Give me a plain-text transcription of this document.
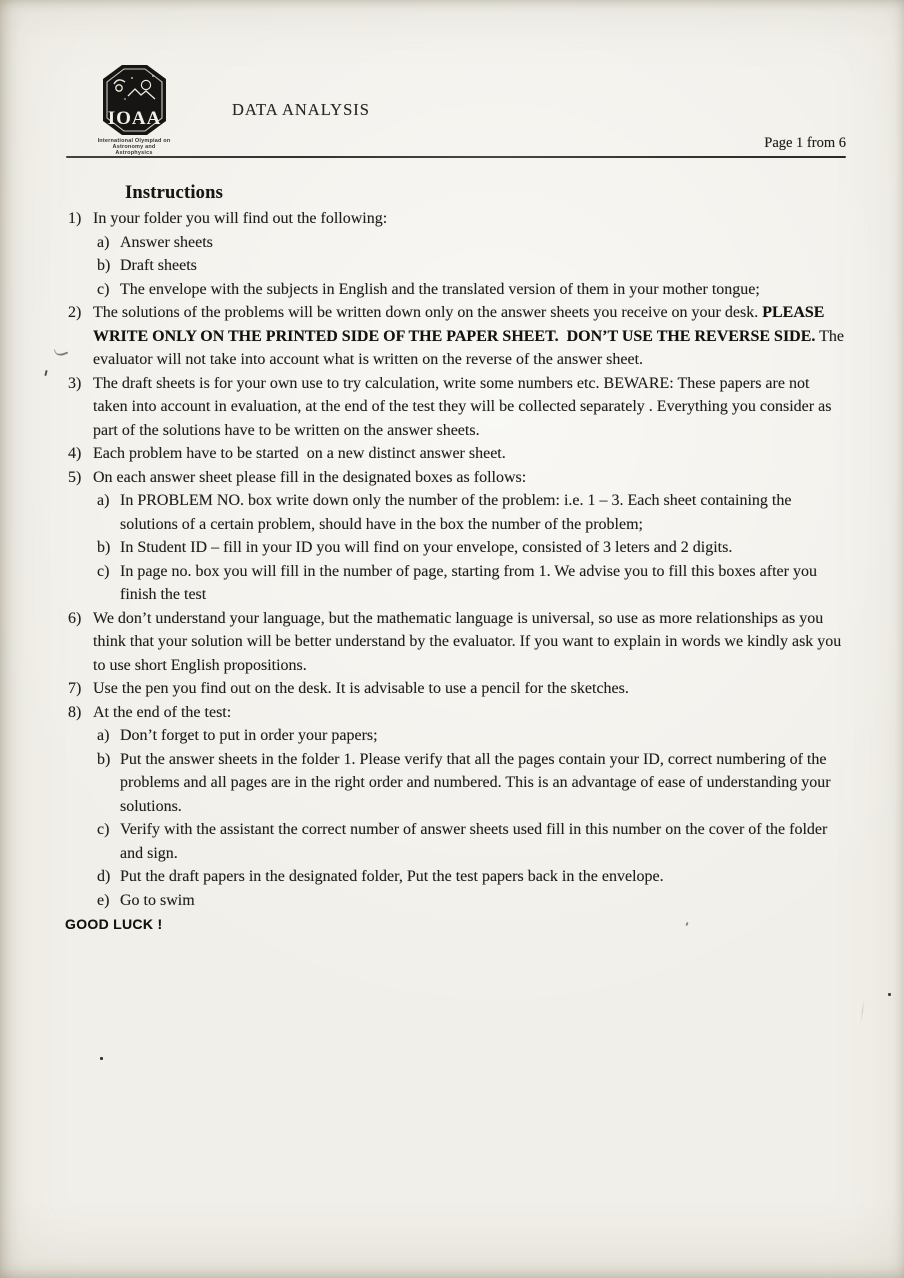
IOAA
International Olympiad on
Astronomy and Astrophysics
DATA ANALYSIS
Page 1 from 6
Instructions
1) In your folder you will find out the following:
a) Answer sheets
b) Draft sheets
c) The envelope with the subjects in English and the translated version of them in your mother tongue;
2) The solutions of the problems will be written down only on the answer sheets you receive on your desk. PLEASE WRITE ONLY ON THE PRINTED SIDE OF THE PAPER SHEET.  DON’T USE THE REVERSE SIDE. The evaluator will not take into account what is written on the reverse of the answer sheet.
3) The draft sheets is for your own use to try calculation, write some numbers etc. BEWARE: These papers are not taken into account in evaluation, at the end of the test they will be collected separately . Everything you consider as part of the solutions have to be written on the answer sheets.
4) Each problem have to be started  on a new distinct answer sheet.
5) On each answer sheet please fill in the designated boxes as follows:
a) In PROBLEM NO. box write down only the number of the problem: i.e. 1 – 3. Each sheet containing the solutions of a certain problem, should have in the box the number of the problem;
b) In Student ID – fill in your ID you will find on your envelope, consisted of 3 leters and 2 digits.
c) In page no. box you will fill in the number of page, starting from 1. We advise you to fill this boxes after you finish the test
6) We don’t understand your language, but the mathematic language is universal, so use as more relationships as you think that your solution will be better understand by the evaluator. If you want to explain in words we kindly ask you to use short English propositions.
7) Use the pen you find out on the desk. It is advisable to use a pencil for the sketches.
8) At the end of the test:
a) Don’t forget to put in order your papers;
b) Put the answer sheets in the folder 1. Please verify that all the pages contain your ID, correct numbering of the problems and all pages are in the right order and numbered. This is an advantage of ease of understanding your solutions.
c) Verify with the assistant the correct number of answer sheets used fill in this number on the cover of the folder and sign.
d) Put the draft papers in the designated folder, Put the test papers back in the envelope.
e) Go to swim
GOOD LUCK !
